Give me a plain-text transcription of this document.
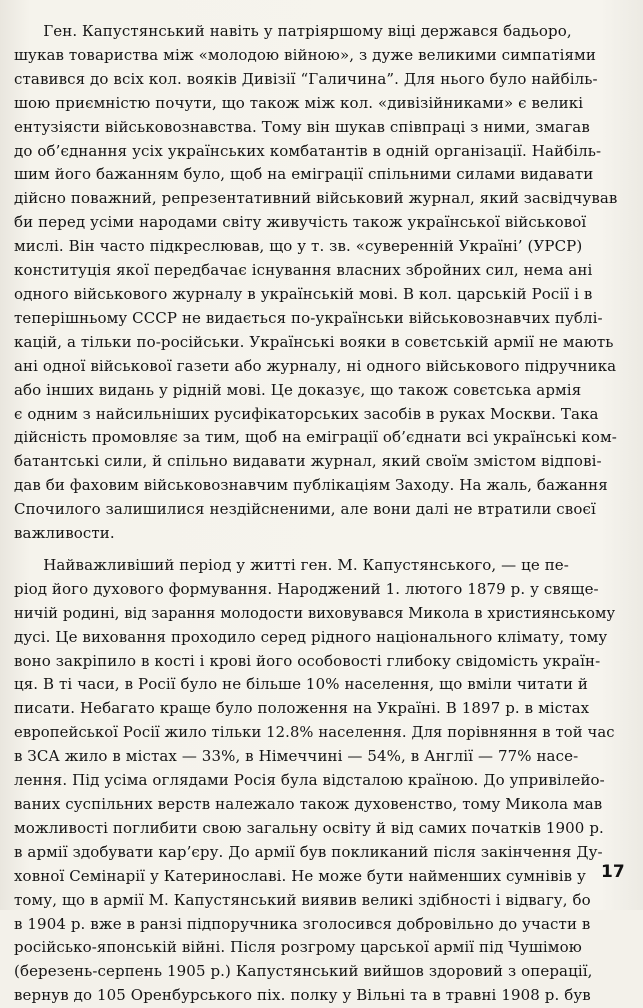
Ген. Капустянський навіть у патріяршому віці держався бадьоро,
шукав товариства між «молодою війною», з дуже великими симпатіями
ставився до всіх кол. вояків Дивізії “Галичина”. Для нього було найбіль-
шою приємністю почути, що також між кол. «дивізійниками» є великі
ентузіясти військовознавства. Тому він шукав співпраці з ними, змагав
до об’єднання усіх українських комбатантів в одній організації. Найбіль-
шим його бажанням було, щоб на еміграції спільними силами видавати
дійсно поважний, репрезентативний військовий журнал, який засвідчував
би перед усіми народами світу живучість також української військової
мислі. Він часто підкреслював, що у т. зв. «суверенній Україні’ (УРСР)
конституція якої передбачає існування власних збройних сил, нема ані
одного військового журналу в українській мові. В кол. царській Росії і в
теперішньому СССР не видається по-українськи військовознавчих публі-
кацій, а тільки по-російськи. Українські вояки в совєтській армії не мають
ані одної військової газети або журналу, ні одного військового підручника
або інших видань у рідній мові. Це доказує, що також совєтська армія
є одним з найсильніших русифікаторських засобів в руках Москви. Така
дійсність промовляє за тим, щоб на еміграції об’єднати всі українські ком-
батантські сили, й спільно видавати журнал, який своїм змістом відпові-
дав би фаховим військовознавчим публікаціям Заходу. На жаль, бажання
Спочилого залишилися нездійсненими, але вони далі не втратили своєї
важливости.
Найважливіший період у житті ген. М. Капустянського, — це пе-
ріод його духового формування. Народжений 1. лютого 1879 р. у свяще-
ничій родині, від зарання молодости виховувався Микола в християнському
дусі. Це виховання проходило серед рідного національного клімату, тому
воно закріпило в кості і крові його особовості глибоку свідомість україн-
ця. В ті часи, в Росії було не більше 10% населення, що вміли читати й
писати. Небагато краще було положення на Україні. В 1897 р. в містах
европейської Росії жило тільки 12.8% населення. Для порівняння в той час
в ЗСА жило в містах — 33%, в Німеччині — 54%, в Англії — 77% насе-
лення. Під усіма оглядами Росія була відсталою країною. До упривілейо-
ваних суспільних верств належало також духовенство, тому Микола мав
можливості поглибити свою загальну освіту й від самих початків 1900 р.
в армії здобувати кар’єру. До армії був покликаний після закінчення Ду-
ховної Семінарії у Катеринославі. Не може бути найменших сумнівів у
тому, що в армії М. Капустянський виявив великі здібності і відвагу, бо
в 1904 р. вже в ранзі підпоручника зголосився добровільно до участи в
російсько-японській війні. Після розгрому царської армії під Чушімою
(березень-серпень 1905 р.) Капустянський вийшов здоровий з операції,
вернув до 105 Оренбурського піх. полку у Вільні та в травні 1908 р. був
17
